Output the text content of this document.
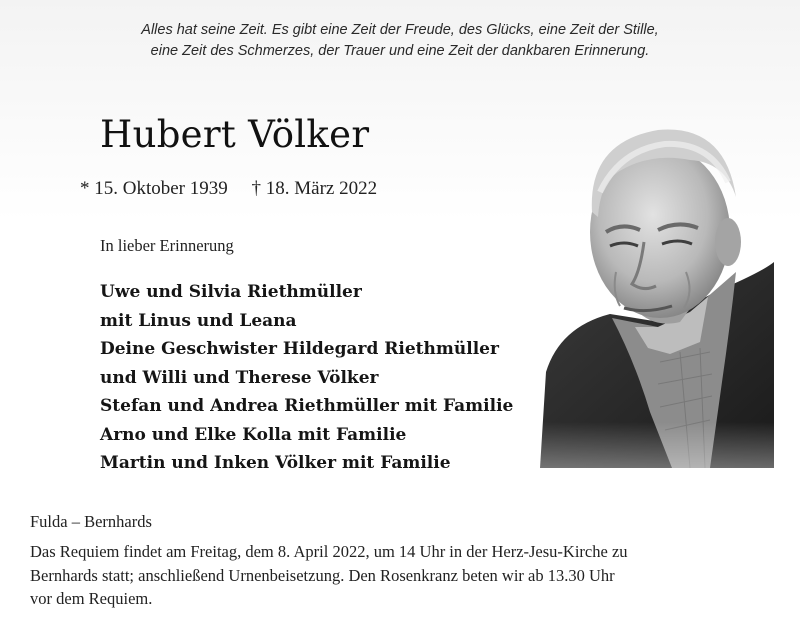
Alles hat seine Zeit. Es gibt eine Zeit der Freude, des Glücks, eine Zeit der Stille,
eine Zeit des Schmerzes, der Trauer und eine Zeit der dankbaren Erinnerung.
Hubert Völker
* 15. Oktober 1939     † 18. März 2022
In lieber Erinnerung
Uwe und Silvia Riethmüller
mit Linus und Leana
Deine Geschwister Hildegard Riethmüller
und Willi und Therese Völker
Stefan und Andrea Riethmüller mit Familie
Arno und Elke Kolla mit Familie
Martin und Inken Völker mit Familie
Fulda – Bernhards
Das Requiem findet am Freitag, dem 8. April 2022, um 14 Uhr in der Herz-Jesu-Kirche zu
Bernhards statt; anschließend Urnenbeisetzung. Den Rosenkranz beten wir ab 13.30 Uhr
vor dem Requiem.
